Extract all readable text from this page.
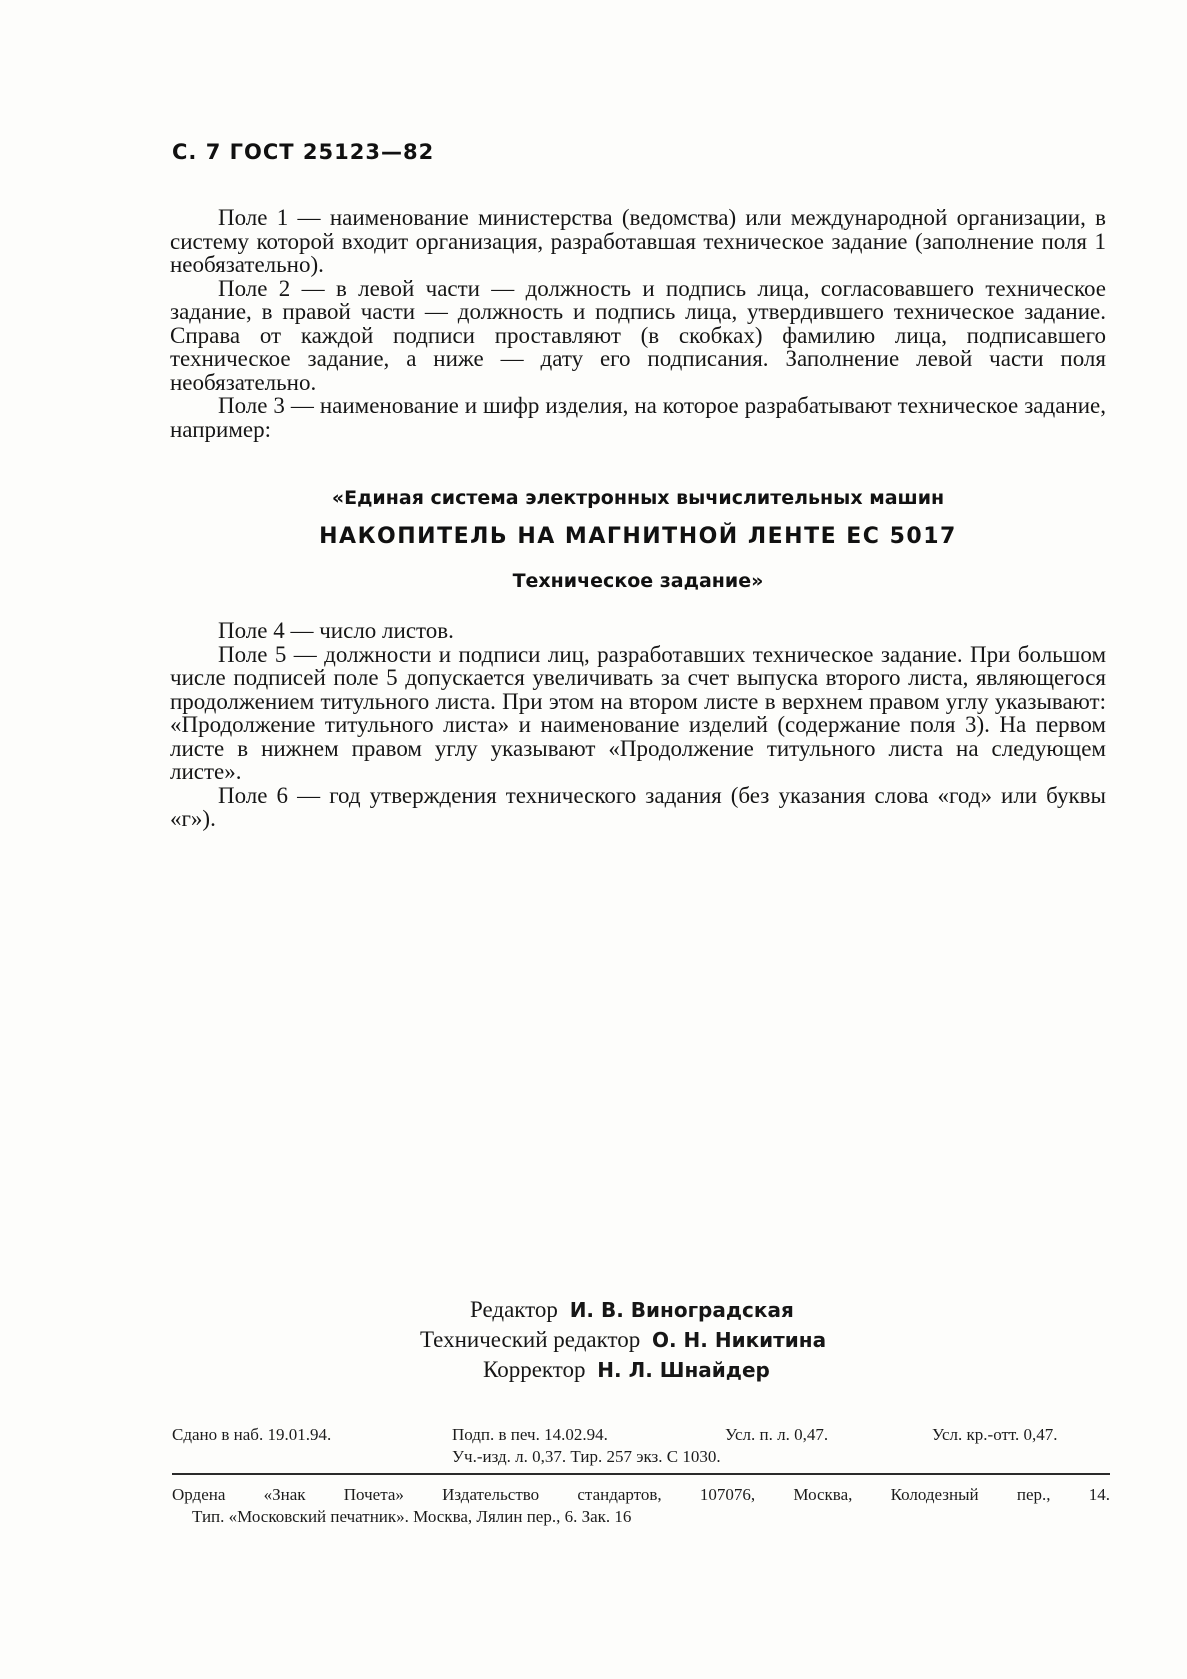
С. 7 ГОСТ 25123—82

Поле 1 — наименование министерства (ведомства) или международной организации, в систему которой входит организация, разработавшая техническое задание (заполнение поля 1 необязательно).

Поле 2 — в левой части — должность и подпись лица, согласовавшего техническое задание, в правой части — должность и подпись лица, утвердившего техническое задание. Справа от каждой подписи проставляют (в скобках) фамилию лица, подписавшего техническое задание, а ниже — дату его подписания. Заполнение левой части поля необязательно.

Поле 3 — наименование и шифр изделия, на которое разрабатывают техническое задание, например:

«Единая система электронных вычислительных машин
НАКОПИТЕЛЬ НА МАГНИТНОЙ ЛЕНТЕ ЕС 5017
Техническое задание»

Поле 4 — число листов.

Поле 5 — должности и подписи лиц, разработавших техническое задание. При большом числе подписей поле 5 допускается увеличивать за счет выпуска второго листа, являющегося продолжением титульного листа. При этом на втором листе в верхнем правом углу указывают: «Продолжение титульного листа» и наименование изделий (содержание поля 3). На первом листе в нижнем правом углу указывают «Продолжение титульного листа на следующем листе».

Поле 6 — год утверждения технического задания (без указания слова «год» или буквы «г»).

Редактор И. В. Виноградская
Технический редактор О. Н. Никитина
Корректор Н. Л. Шнайдер
Сдано в наб. 19.01.94.	Подп. в печ. 14.02.94.	Усл. п. л. 0,47.	Усл. кр.-отт. 0,47.
Уч.-изд. л. 0,37. Тир. 257 экз. С 1030.
Ордена «Знак Почета» Издательство стандартов, 107076, Москва, Колодезный пер., 14.
Тип. «Московский печатник». Москва, Лялин пер., 6. Зак. 16
